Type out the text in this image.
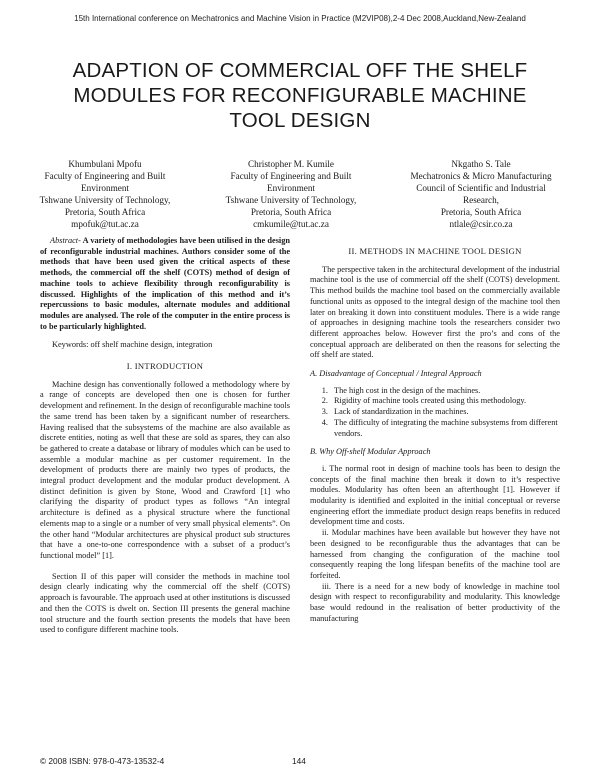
15th International conference on Mechatronics and Machine Vision in Practice (M2VIP08),2-4 Dec 2008,Auckland,New-Zealand
ADAPTION OF COMMERCIAL OFF THE SHELF
MODULES FOR RECONFIGURABLE MACHINE
TOOL DESIGN
Khumbulani Mpofu
Faculty of Engineering and Built
Environment
Tshwane University of Technology,
Pretoria, South Africa
mpofuk@tut.ac.za
Christopher M. Kumile
Faculty of Engineering and Built
Environment
Tshwane University of Technology,
Pretoria, South Africa
cmkumile@tut.ac.za
Nkgatho S. Tale
Mechatronics & Micro Manufacturing
Council of Scientific and Industrial
Research,
Pretoria, South Africa
ntlale@csir.co.za

Abstract- A variety of methodologies have been utilised in the design of reconfigurable industrial machines. Authors consider some of the methods that have been used given the critical aspects of these methods, the commercial off the shelf (COTS) method of design of machine tools to achieve flexibility through reconfigurability is discussed. Highlights of the implication of this method and it’s repercussions to basic modules, alternate modules and additional modules are analysed. The role of the computer in the entire process is to be particularly highlighted.

Keywords: off shelf machine design, integration

I. INTRODUCTION

Machine design has conventionally followed a methodology where by a range of concepts are developed then one is chosen for further development and refinement. In the design of reconfigurable machine tools the same trend has been taken by a significant number of researchers. Having realised that the subsystems of the machine are also available as discrete entities, noting as well that these are sold as spares, they can also be gathered to create a database or library of modules which can be used to assemble a modular machine as per customer requirement. In the development of products there are mainly two types of products, the integral product development and the modular product development. A distinct definition is given by Stone, Wood and Crawford [1] who clarifying the disparity of product types as follows “An integral architecture is defined as a physical structure where the functional elements map to a single or a number of very small physical elements”. On the other hand “Modular architectures are physical product sub structures that have a one-to-one correspondence with a subset of a product’s functional model” [1].

Section II of this paper will consider the methods in machine tool design clearly indicating why the commercial off the shelf (COTS) approach is favourable. The approach used at other institutions is discussed and then the COTS is dwelt on. Section III presents the general machine tool structure and the fourth section presents the models that have been used to configure different machine tools.

II. METHODS IN MACHINE TOOL DESIGN

The perspective taken in the architectural development of the industrial machine tool is the use of commercial off the shelf (COTS) development. This method builds the machine tool based on the commercially available functional units as opposed to the integral design of the machine tool then later on breaking it down into constituent modules. There is a wide range of approaches in designing machine tools the researchers consider two different approaches below. However first the pro’s and cons of the conceptual approach are deliberated on then the reasons for selecting the off shelf are stated.

A. Disadvantage of Conceptual / Integral Approach
1. The high cost in the design of the machines.
2. Rigidity of machine tools created using this methodology.
3. Lack of standardization in the machines.
4. The difficulty of integrating the machine subsystems from different vendors.
B. Why Off-shelf Modular Approach

i. The normal root in design of machine tools has been to design the concepts of the final machine then break it down to it’s respective modules. Modularity has often been an afterthought [1]. However if modularity is identified and exploited in the initial conceptual or reverse engineering effort the immediate product design reaps benefits in reduced development time and costs.

ii. Modular machines have been available but however they have not been designed to be reconfigurable thus the advantages that can be harnessed from changing the configuration of the machine tool consequently reaping the long lifespan benefits of the machine tool are forfeited.

iii. There is a need for a new body of knowledge in machine tool design with respect to reconfigurability and modularity. This knowledge base would redound in the realisation of better productivity of the manufacturing

© 2008 ISBN: 978-0-473-13532-4	144
